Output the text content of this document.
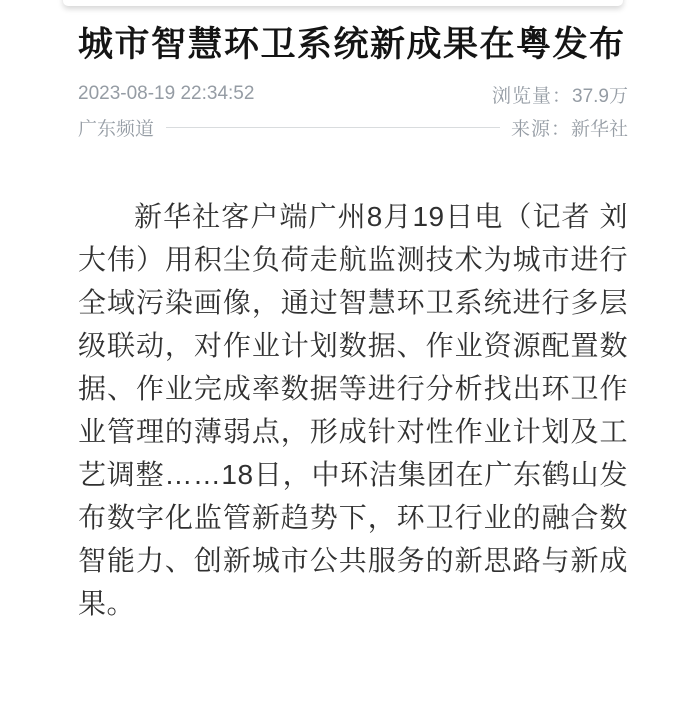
城市智慧环卫系统新成果在粤发布
2023-08-19 22:34:52	浏览量：37.9万
广东频道	来源：新华社

新华社客户端广州8月19日电（记者 刘大伟）用积尘负荷走航监测技术为城市进行全域污染画像，通过智慧环卫系统进行多层级联动，对作业计划数据、作业资源配置数据、作业完成率数据等进行分析找出环卫作业管理的薄弱点，形成针对性作业计划及工艺调整……18日，中环洁集团在广东鹤山发布数字化监管新趋势下，环卫行业的融合数智能力、创新城市公共服务的新思路与新成果。
